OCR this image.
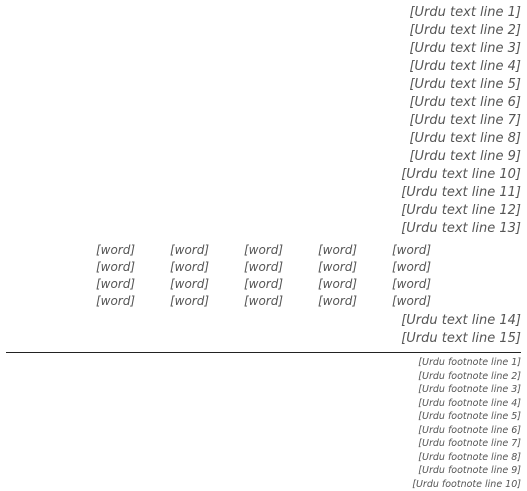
[Urdu text line 1]
[Urdu text line 2]
[Urdu text line 3]
[Urdu text line 4]
[Urdu text line 5]
[Urdu text line 6]
[Urdu text line 7]
[Urdu text line 8]
[Urdu text line 9]
[Urdu text line 10]
[Urdu text line 11]
[Urdu text line 12]
[Urdu text line 13]
[word]
[word]
[word]
[word]
[word]
[word]
[word]
[word]
[word]
[word]
[word]
[word]
[word]
[word]
[word]
[word]
[word]
[word]
[word]
[word]
[Urdu text line 14]
[Urdu text line 15]
[Urdu footnote line 1]
[Urdu footnote line 2]
[Urdu footnote line 3]
[Urdu footnote line 4]
[Urdu footnote line 5]
[Urdu footnote line 6]
[Urdu footnote line 7]
[Urdu footnote line 8]
[Urdu footnote line 9]
[Urdu footnote line 10]
